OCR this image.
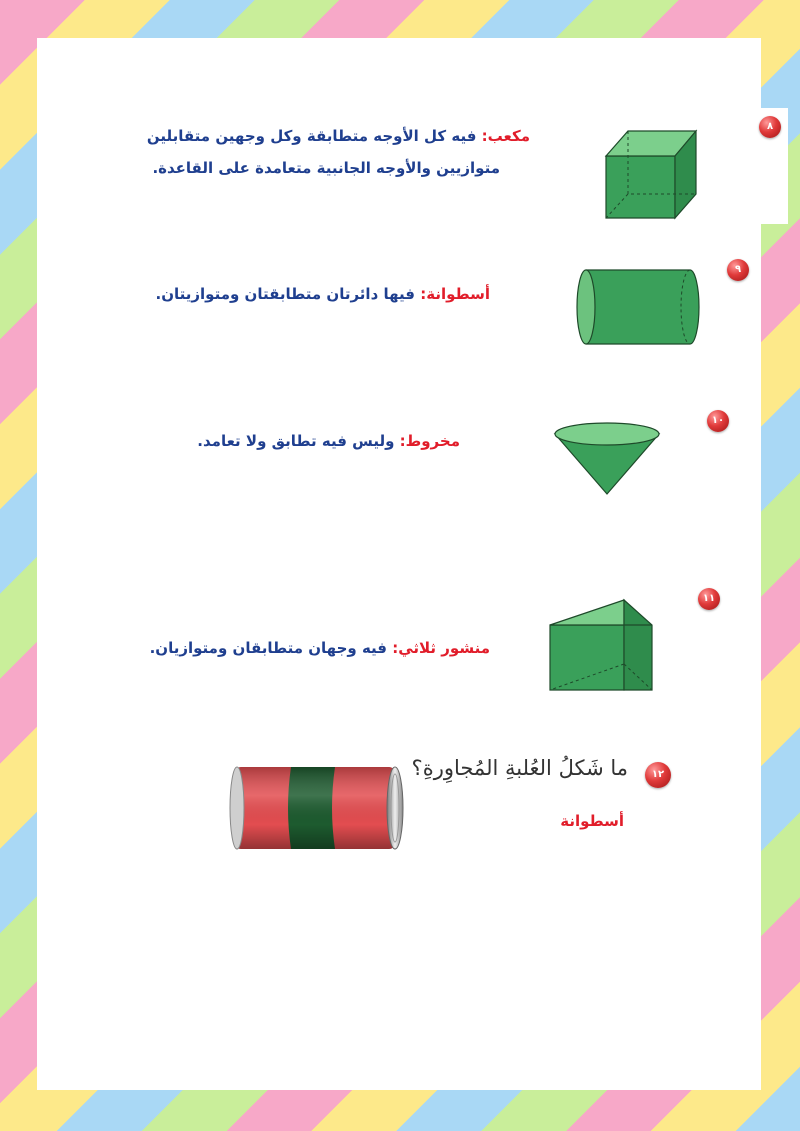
مكعب: فيه كل الأوجه متطابقة وكل وجهين متقابلين
متوازيين والأوجه الجانبية متعامدة على القاعدة.
٨
أسطوانة: فيها دائرتان متطابقتان ومتوازيتان.
٩
مخروط: وليس فيه تطابق ولا تعامد.
١٠
منشور ثلاثي: فيه وجهان متطابقان ومتوازيان.
١١
١٢
ما شَكلُ العُلبةِ المُجاوِرةِ؟
أسطوانة
